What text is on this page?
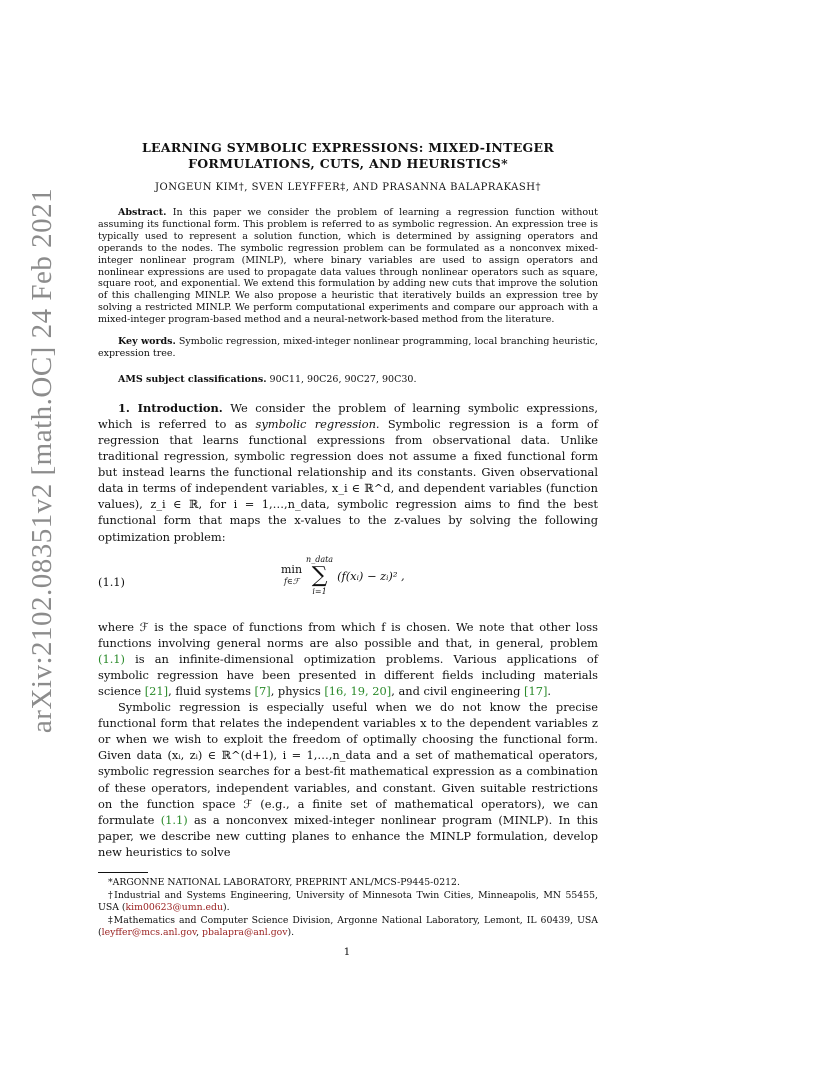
arXiv:2102.08351v2 [math.OC] 24 Feb 2021
LEARNING SYMBOLIC EXPRESSIONS: MIXED-INTEGER
FORMULATIONS, CUTS, AND HEURISTICS*
JONGEUN KIM†, SVEN LEYFFER‡, AND PRASANNA BALAPRAKASH†

Abstract. In this paper we consider the problem of learning a regression function without assuming its functional form. This problem is referred to as symbolic regression. An expression tree is typically used to represent a solution function, which is determined by assigning operators and operands to the nodes. The symbolic regression problem can be formulated as a nonconvex mixed-integer nonlinear program (MINLP), where binary variables are used to assign operators and nonlinear expressions are used to propagate data values through nonlinear operators such as square, square root, and exponential. We extend this formulation by adding new cuts that improve the solution of this challenging MINLP. We also propose a heuristic that iteratively builds an expression tree by solving a restricted MINLP. We perform computational experiments and compare our approach with a mixed-integer program-based method and a neural-network-based method from the literature.

Key words. Symbolic regression, mixed-integer nonlinear programming, local branching heuristic, expression tree.

AMS subject classifications. 90C11, 90C26, 90C27, 90C30.

1. Introduction. We consider the problem of learning symbolic expressions, which is referred to as symbolic regression. Symbolic regression is a form of regression that learns functional expressions from observational data. Unlike traditional regression, symbolic regression does not assume a fixed functional form but instead learns the functional relationship and its constants. Given observational data in terms of independent variables, x_i ∈ ℝ^d, and dependent variables (function values), z_i ∈ ℝ, for i = 1,…,n_data, symbolic regression aims to find the best functional form that maps the x-values to the z-values by solving the following optimization problem:

(1.1)
min
f∈ℱ
n_data
∑
i=1
(f(xᵢ) − zᵢ)² ,

where ℱ is the space of functions from which f is chosen. We note that other loss functions involving general norms are also possible and that, in general, problem (1.1) is an infinite-dimensional optimization problems. Various applications of symbolic regression have been presented in different fields including materials science [21], fluid systems [7], physics [16, 19, 20], and civil engineering [17].

Symbolic regression is especially useful when we do not know the precise functional form that relates the independent variables x to the dependent variables z or when we wish to exploit the freedom of optimally choosing the functional form. Given data (xᵢ, zᵢ) ∈ ℝ^(d+1), i = 1,…,n_data and a set of mathematical operators, symbolic regression searches for a best-fit mathematical expression as a combination of these operators, independent variables, and constant. Given suitable restrictions on the function space ℱ (e.g., a finite set of mathematical operators), we can formulate (1.1) as a nonconvex mixed-integer nonlinear program (MINLP). In this paper, we describe new cutting planes to enhance the MINLP formulation, develop new heuristics to solve

*ARGONNE NATIONAL LABORATORY, PREPRINT ANL/MCS-P9445-0212.

†Industrial and Systems Engineering, University of Minnesota Twin Cities, Minneapolis, MN 55455, USA (kim00623@umn.edu).

‡Mathematics and Computer Science Division, Argonne National Laboratory, Lemont, IL 60439, USA (leyffer@mcs.anl.gov, pbalapra@anl.gov).

1
